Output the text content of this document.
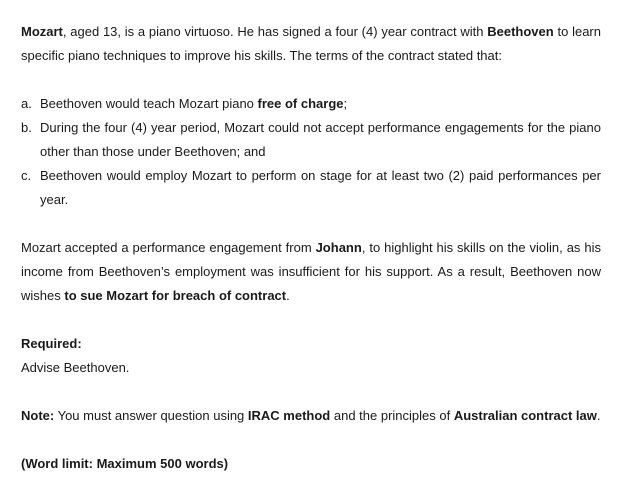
Mozart, aged 13, is a piano virtuoso. He has signed a four (4) year contract with Beethoven to learn specific piano techniques to improve his skills. The terms of the contract stated that:

a. Beethoven would teach Mozart piano free of charge;
b. During the four (4) year period, Mozart could not accept performance engagements for the piano other than those under Beethoven; and
c. Beethoven would employ Mozart to perform on stage for at least two (2) paid performances per year.

Mozart accepted a performance engagement from Johann, to highlight his skills on the violin, as his income from Beethoven’s employment was insufficient for his support. As a result, Beethoven now wishes to sue Mozart for breach of contract.

Required:

Advise Beethoven.

Note: You must answer question using IRAC method and the principles of Australian contract law.

(Word limit: Maximum 500 words)
